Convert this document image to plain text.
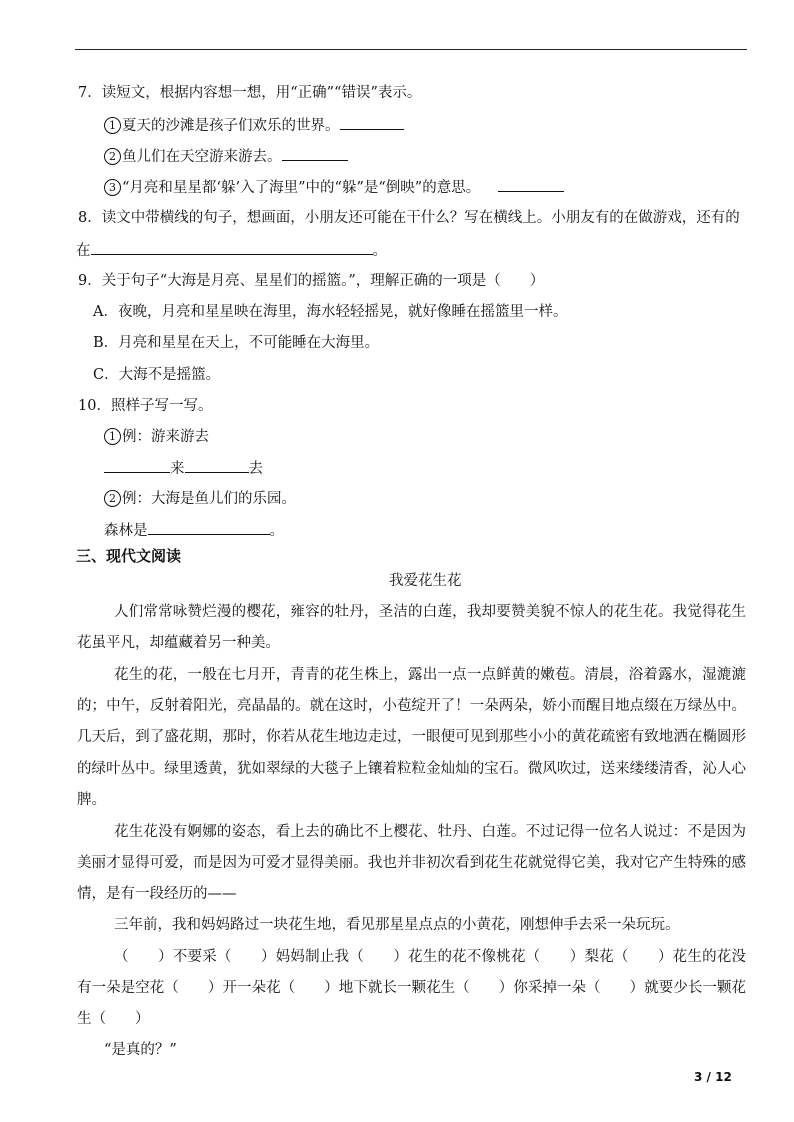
7．读短文，根据内容想一想，用“正确”“错误”表示。
1 夏天的沙滩是孩子们欢乐的世界。
2 鱼儿们在天空游来游去。
3 “月亮和星星都‘躲’入了海里”中的“躲”是“倒映”的意思。
8．读文中带横线的句子，想画面，小朋友还可能在干什么？写在横线上。小朋友有的在做游戏，还有的
在	。
9．关于句子“大海是月亮、星星们的摇篮。”，理解正确的一项是（　　）
A．夜晚，月亮和星星映在海里，海水轻轻摇晃，就好像睡在摇篮里一样。
B．月亮和星星在天上，不可能睡在大海里。
C．大海不是摇篮。
10．照样子写一写。
1 例：游来游去
来	去
2 例：大海是鱼儿们的乐园。
森林是	。
三、现代文阅读
我爱花生花
人们常常咏赞烂漫的樱花，雍容的牡丹，圣洁的白莲，我却要赞美貌不惊人的花生花。我觉得花生
花虽平凡，却蕴藏着另一种美。
花生的花，一般在七月开，青青的花生株上，露出一点一点鲜黄的嫩苞。清晨，浴着露水，湿漉漉
的；中午，反射着阳光，亮晶晶的。就在这时，小苞绽开了！一朵两朵，娇小而醒目地点缀在万绿丛中。
几天后，到了盛花期，那时，你若从花生地边走过，一眼便可见到那些小小的黄花疏密有致地洒在椭圆形
的绿叶丛中。绿里透黄，犹如翠绿的大毯子上镶着粒粒金灿灿的宝石。微风吹过，送来缕缕清香，沁人心
脾。
花生花没有婀娜的姿态，看上去的确比不上樱花、牡丹、白莲。不过记得一位名人说过：不是因为
美丽才显得可爱，而是因为可爱才显得美丽。我也并非初次看到花生花就觉得它美，我对它产生特殊的感
情，是有一段经历的——
三年前，我和妈妈路过一块花生地，看见那星星点点的小黄花，刚想伸手去采一朵玩玩。
（　　）不要采（　　）妈妈制止我（　　）花生的花不像桃花（　　）梨花（　　）花生的花没
有一朵是空花（　　）开一朵花（　　）地下就长一颗花生（　　）你采掉一朵（　　）就要少长一颗花
生（　　）
“是真的？”
3 / 12
